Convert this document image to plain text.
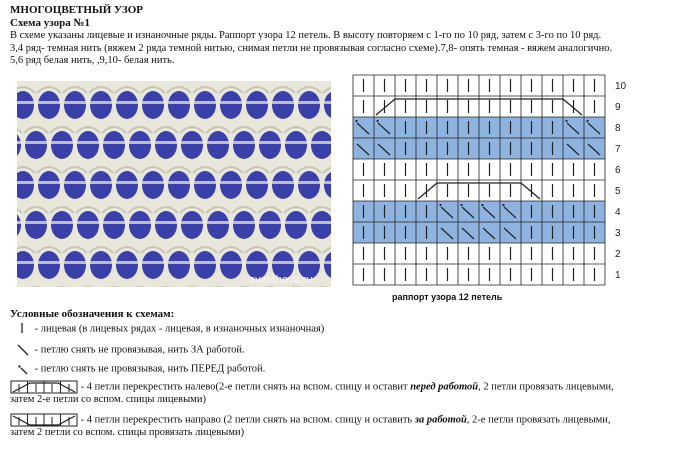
МНОГОЦВЕТНЫЙ УЗОР
Схема узора №1
В схеме указаны лицевые и изнаночные ряды. Раппорт узора 12 петель. В высоту повторяем с 1-го по 10 ряд, затем с 3-го по 10 ряд.
3,4 ряд- темная нить (вяжем 2 ряда темной нитью, снимая петли не провязывая согласно схеме).7,8- опять темная - вяжем аналогично.
5,6 ряд белая нить, ,9,10- белая нить.
avercheva.ru
10
9
8
7
6
5
4
3
2
1
раппорт узора 12 петель
Условные обозначения к схемам:
- лицевая (в лицевых рядах - лицевая, в изнаночных изнаночная)
- петлю снять не провязывая, нить ЗА работой.
- петлю снять не провязывая, нить ПЕРЕД работой.
- 4 петли перекрестить налево(2-е петли снять на вспом. спицу и оставит перед работой, 2 петли провязать лицевыми,
затем 2-е петли со вспом. спицы лицевыми)
- 4 петли перекрестить направо (2 петли снять на вспом. спицу и оставить за работой, 2-е петли провязать лицевыми,
затем 2 петли со вспом. спицы провязать лицевыми)
